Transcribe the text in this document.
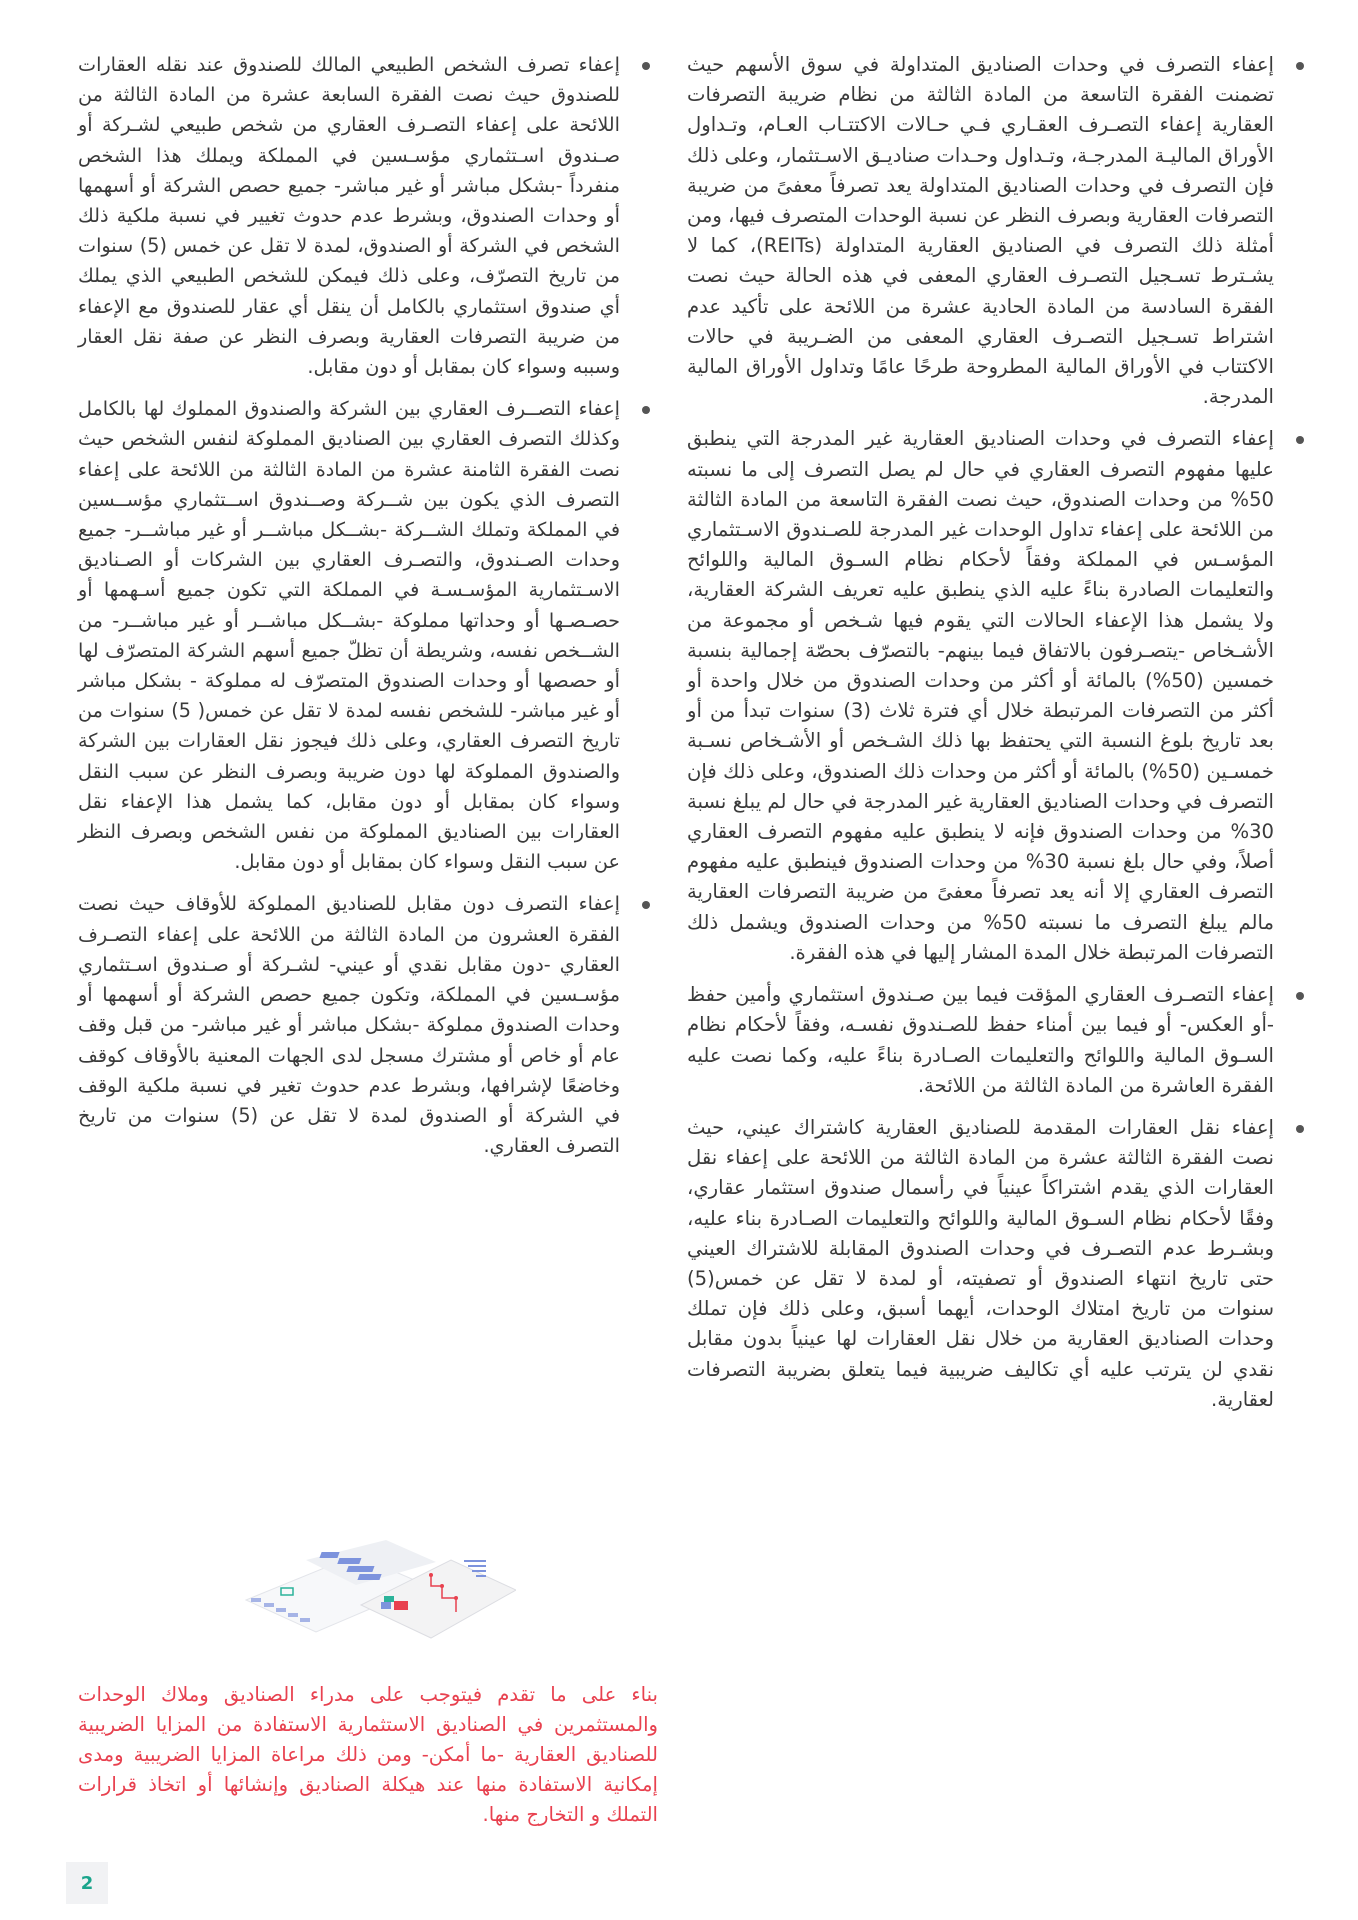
إعفاء التصرف في وحدات الصناديق المتداولة في سوق الأسهم حيث تضمنت الفقرة التاسعة من المادة الثالثة من نظام ضريبة التصرفات العقارية إعفاء التصـرف العقـاري فـي حـالات الاكتتـاب العـام، وتـداول الأوراق الماليـة المدرجـة، وتـداول وحـدات صناديـق الاسـتثمار، وعلى ذلك فإن التصرف في وحدات الصناديق المتداولة يعد تصرفاً معفىً من ضريبة التصرفات العقارية وبصرف النظر عن نسبة الوحدات المتصرف فيها، ومن أمثلة ذلك التصرف في الصناديق العقارية المتداولة (REITs)، كما لا يشـترط تسـجيل التصـرف العقاري المعفى في هذه الحالة حيث نصت الفقرة السادسة من المادة الحادية عشرة من اللائحة على تأكيد عدم اشتراط تسـجيل التصـرف العقاري المعفى من الضـريبة في حالات الاكتتاب في الأوراق المالية المطروحة طرحًا عامًا وتداول الأوراق المالية المدرجة.
إعفاء التصرف في وحدات الصناديق العقارية غير المدرجة التي ينطبق عليها مفهوم التصرف العقاري في حال لم يصل التصرف إلى ما نسبته 50% من وحدات الصندوق، حيث نصت الفقرة التاسعة من المادة الثالثة من اللائحة على إعفاء تداول الوحدات غير المدرجة للصـندوق الاسـتثماري المؤسـس في المملكة وفقاً لأحكام نظام السـوق المالية واللوائح والتعليمات الصادرة بناءً عليه الذي ينطبق عليه تعريف الشركة العقارية، ولا يشمل هذا الإعفاء الحالات التي يقوم فيها شـخص أو مجموعة من الأشـخاص -يتصـرفون بالاتفاق فيما بينهم- بالتصرّف بحصّة إجمالية بنسبة خمسين (50%) بالمائة أو أكثر من وحدات الصندوق من خلال واحدة أو أكثر من التصرفات المرتبطة خلال أي فترة ثلاث (3) سنوات تبدأ من أو بعد تاريخ بلوغ النسبة التي يحتفظ بها ذلك الشـخص أو الأشـخاص نسـبة خمسـين (50%) بالمائة أو أكثر من وحدات ذلك الصندوق، وعلى ذلك فإن التصرف في وحدات الصناديق العقارية غير المدرجة في حال لم يبلغ نسبة 30% من وحدات الصندوق فإنه لا ينطبق عليه مفهوم التصرف العقاري أصلاً، وفي حال بلغ نسبة 30% من وحدات الصندوق فينطبق عليه مفهوم التصرف العقاري إلا أنه يعد تصرفاً معفىً من ضريبة التصرفات العقارية مالم يبلغ التصرف ما نسبته 50% من وحدات الصندوق ويشمل ذلك التصرفات المرتبطة خلال المدة المشار إليها في هذه الفقرة.
إعفاء التصـرف العقاري المؤقت فيما بين صـندوق استثماري وأمين حفظ -أو العكس- أو فيما بين أمناء حفظ للصـندوق نفسـه، وفقاً لأحكام نظام السـوق المالية واللوائح والتعليمات الصـادرة بناءً عليه، وكما نصت عليه الفقرة العاشرة من المادة الثالثة من اللائحة.
إعفاء نقل العقارات المقدمة للصناديق العقارية كاشتراك عيني، حيث نصت الفقرة الثالثة عشرة من المادة الثالثة من اللائحة على إعفاء نقل العقارات الذي يقدم اشتراكاً عينياً في رأسمال صندوق استثمار عقاري، وفقًا لأحكام نظام السـوق المالية واللوائح والتعليمات الصـادرة بناء عليه، وبشـرط عدم التصـرف في وحدات الصندوق المقابلة للاشتراك العيني حتى تاريخ انتهاء الصندوق أو تصفيته، أو لمدة لا تقل عن خمس(5) سنوات من تاريخ امتلاك الوحدات، أيهما أسبق، وعلى ذلك فإن تملك وحدات الصناديق العقارية من خلال نقل العقارات لها عينياً بدون مقابل نقدي لن يترتب عليه أي تكاليف ضريبية فيما يتعلق بضريبة التصرفات لعقارية.
إعفاء تصرف الشخص الطبيعي المالك للصندوق عند نقله العقارات للصندوق حيث نصت الفقرة السابعة عشرة من المادة الثالثة من اللائحة على إعفاء التصـرف العقاري من شخص طبيعي لشـركة أو صـندوق اسـتثماري مؤسـسين في المملكة ويملك هذا الشخص منفرداً -بشكل مباشر أو غير مباشر- جميع حصص الشركة أو أسهمها أو وحدات الصندوق، وبشرط عدم حدوث تغيير في نسبة ملكية ذلك الشخص في الشركة أو الصندوق، لمدة لا تقل عن خمس (5) سنوات من تاريخ التصرّف، وعلى ذلك فيمكن للشخص الطبيعي الذي يملك أي صندوق استثماري بالكامل أن ينقل أي عقار للصندوق مع الإعفاء من ضريبة التصرفات العقارية وبصرف النظر عن صفة نقل العقار وسببه وسواء كان بمقابل أو دون مقابل.
إعفاء التصــرف العقاري بين الشركة والصندوق المملوك لها بالكامل وكذلك التصرف العقاري بين الصناديق المملوكة لنفس الشخص حيث نصت الفقرة الثامنة عشرة من المادة الثالثة من اللائحة على إعفاء التصرف الذي يكون بين شــركة وصــندوق اســتثماري مؤســسين في المملكة وتملك الشــركة -بشــكل مباشــر أو غير مباشــر- جميع وحدات الصـندوق، والتصـرف العقاري بين الشركات أو الصـناديق الاسـتثمارية المؤسـسـة في المملكة التي تكون جميع أسـهمها أو حصـصـها أو وحداتها مملوكة -بشــكل مباشــر أو غير مباشــر- من الشــخص نفسه، وشريطة أن تظلّ جميع أسهم الشركة المتصرّف لها أو حصصها أو وحدات الصندوق المتصرّف له مملوكة - بشكل مباشر أو غير مباشر- للشخص نفسه لمدة لا تقل عن خمس( 5) سنوات من تاريخ التصرف العقاري، وعلى ذلك فيجوز نقل العقارات بين الشركة والصندوق المملوكة لها دون ضريبة وبصرف النظر عن سبب النقل وسواء كان بمقابل أو دون مقابل، كما يشمل هذا الإعفاء نقل العقارات بين الصناديق المملوكة من نفس الشخص وبصرف النظر عن سبب النقل وسواء كان بمقابل أو دون مقابل.
إعفاء التصرف دون مقابل للصناديق المملوكة للأوقاف حيث نصت الفقرة العشرون من المادة الثالثة من اللائحة على إعفاء التصـرف العقاري -دون مقابل نقدي أو عيني- لشـركة أو صـندوق اسـتثماري مؤسـسين في المملكة، وتكون جميع حصص الشركة أو أسهمها أو وحدات الصندوق مملوكة -بشكل مباشر أو غير مباشر- من قبل وقف عام أو خاص أو مشترك مسجل لدى الجهات المعنية بالأوقاف كوقف وخاضعًا لإشرافها، وبشرط عدم حدوث تغير في نسبة ملكية الوقف في الشركة أو الصندوق لمدة لا تقل عن (5) سنوات من تاريخ التصرف العقاري.

بناء على ما تقدم فيتوجب على مدراء الصناديق وملاك الوحدات والمستثمرين في الصناديق الاستثمارية الاستفادة من المزايا الضريبية للصناديق العقارية -ما أمكن- ومن ذلك مراعاة المزايا الضريبية ومدى إمكانية الاستفادة منها عند هيكلة الصناديق وإنشائها أو اتخاذ قرارات التملك و التخارج منها.

2
